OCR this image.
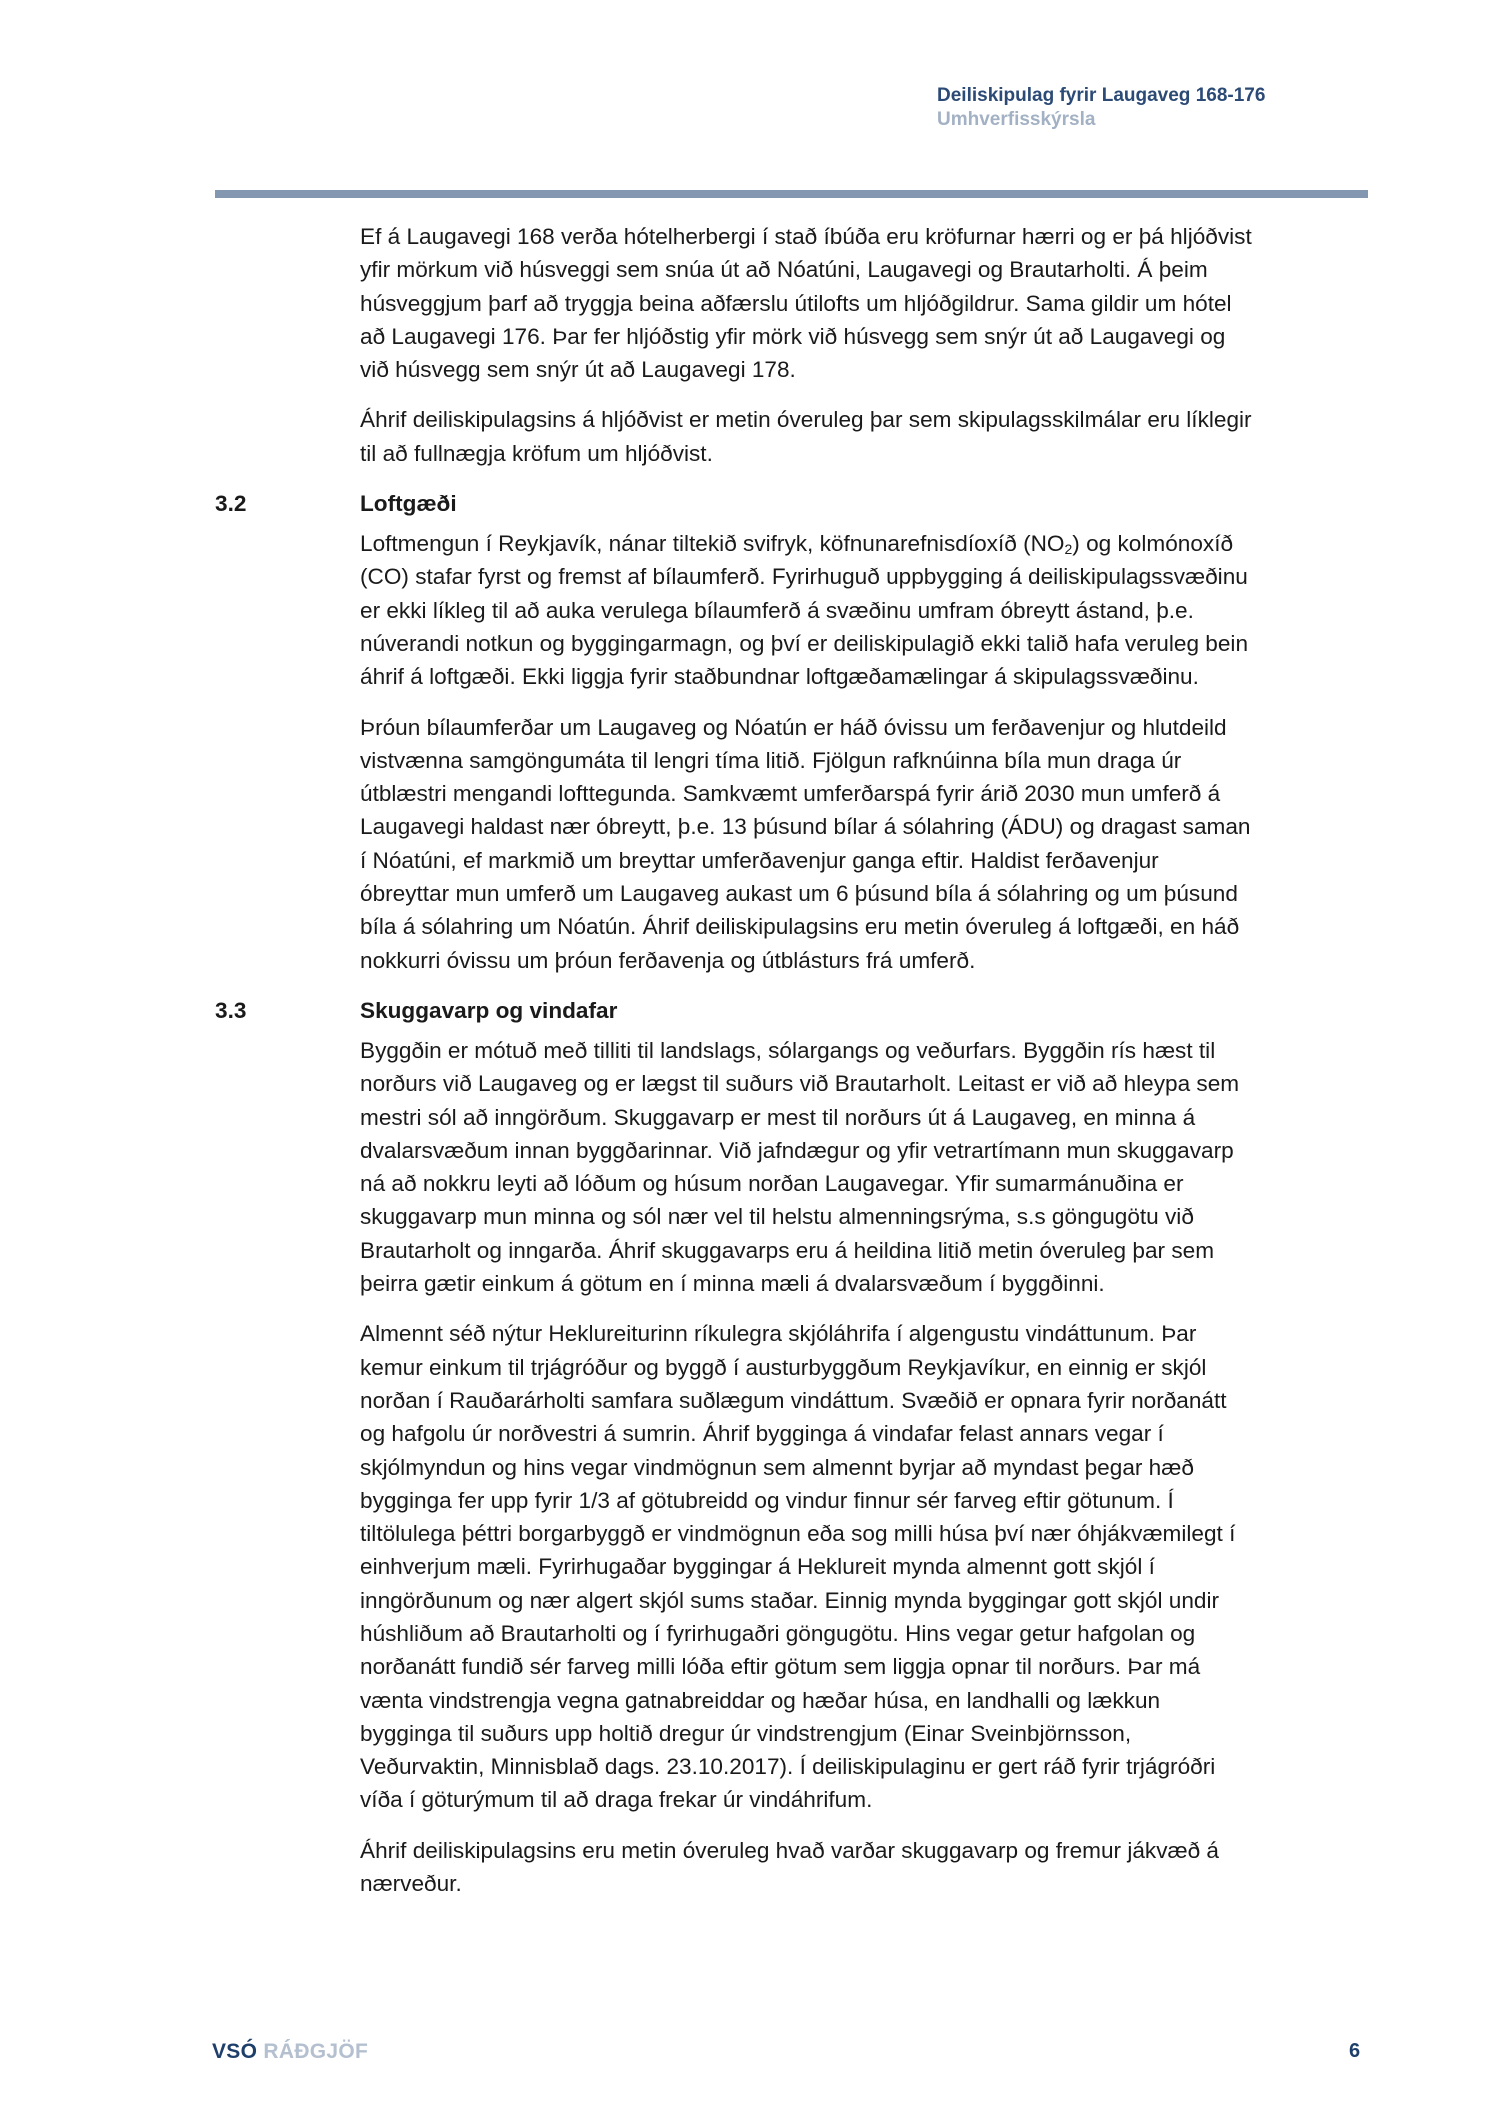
Deiliskipulag fyrir Laugaveg 168-176
Umhverfisskýrsla
Ef á Laugavegi 168 verða hótelherbergi í stað íbúða eru kröfurnar hærri og er þá hljóðvist
yfir mörkum við húsveggi sem snúa út að Nóatúni, Laugavegi og Brautarholti. Á þeim
húsveggjum þarf að tryggja beina aðfærslu útilofts um hljóðgildrur. Sama gildir um hótel
að Laugavegi 176. Þar fer hljóðstig yfir mörk við húsvegg sem snýr út að Laugavegi og
við húsvegg sem snýr út að Laugavegi 178.
Áhrif deiliskipulagsins á hljóðvist er metin óveruleg þar sem skipulagsskilmálar eru líklegir
til að fullnægja kröfum um hljóðvist.
3.2	Loftgæði
Loftmengun í Reykjavík, nánar tiltekið svifryk, köfnunarefnisdíoxíð $(NO_2)$ og kolmónoxíð
(CO) stafar fyrst og fremst af bílaumferð. Fyrirhuguð uppbygging á deiliskipulagssvæðinu
er ekki líkleg til að auka verulega bílaumferð á svæðinu umfram óbreytt ástand, þ.e.
núverandi notkun og byggingarmagn, og því er deiliskipulagið ekki talið hafa veruleg bein
áhrif á loftgæði. Ekki liggja fyrir staðbundnar loftgæðamælingar á skipulagssvæðinu.
Þróun bílaumferðar um Laugaveg og Nóatún er háð óvissu um ferðavenjur og hlutdeild
vistvænna samgöngumáta til lengri tíma litið. Fjölgun rafknúinna bíla mun draga úr
útblæstri mengandi lofttegunda. Samkvæmt umferðarspá fyrir árið 2030 mun umferð á
Laugavegi haldast nær óbreytt, þ.e. 13 þúsund bílar á sólahring (ÁDU) og dragast saman
í Nóatúni, ef markmið um breyttar umferðavenjur ganga eftir. Haldist ferðavenjur
óbreyttar mun umferð um Laugaveg aukast um 6 þúsund bíla á sólahring og um þúsund
bíla á sólahring um Nóatún. Áhrif deiliskipulagsins eru metin óveruleg á loftgæði, en háð
nokkurri óvissu um þróun ferðavenja og útblásturs frá umferð.
3.3	Skuggavarp og vindafar
Byggðin er mótuð með tilliti til landslags, sólargangs og veðurfars. Byggðin rís hæst til
norðurs við Laugaveg og er lægst til suðurs við Brautarholt. Leitast er við að hleypa sem
mestri sól að inngörðum. Skuggavarp er mest til norðurs út á Laugaveg, en minna á
dvalarsvæðum innan byggðarinnar. Við jafndægur og yfir vetrartímann mun skuggavarp
ná að nokkru leyti að lóðum og húsum norðan Laugavegar. Yfir sumarmánuðina er
skuggavarp mun minna og sól nær vel til helstu almenningsrýma, s.s göngugötu við
Brautarholt og inngarða. Áhrif skuggavarps eru á heildina litið metin óveruleg þar sem
þeirra gætir einkum á götum en í minna mæli á dvalarsvæðum í byggðinni.
Almennt séð nýtur Heklureiturinn ríkulegra skjóláhrifa í algengustu vindáttunum. Þar
kemur einkum til trjágróður og byggð í austurbyggðum Reykjavíkur, en einnig er skjól
norðan í Rauðarárholti samfara suðlægum vindáttum. Svæðið er opnara fyrir norðanátt
og hafgolu úr norðvestri á sumrin. Áhrif bygginga á vindafar felast annars vegar í
skjólmyndun og hins vegar vindmögnun sem almennt byrjar að myndast þegar hæð
bygginga fer upp fyrir 1/3 af götubreidd og vindur finnur sér farveg eftir götunum. Í
tiltölulega þéttri borgarbyggð er vindmögnun eða sog milli húsa því nær óhjákvæmilegt í
einhverjum mæli. Fyrirhugaðar byggingar á Heklureit mynda almennt gott skjól í
inngörðunum og nær algert skjól sums staðar. Einnig mynda byggingar gott skjól undir
húshliðum að Brautarholti og í fyrirhugaðri göngugötu. Hins vegar getur hafgolan og
norðanátt fundið sér farveg milli lóða eftir götum sem liggja opnar til norðurs. Þar má
vænta vindstrengja vegna gatnabreiddar og hæðar húsa, en landhalli og lækkun
bygginga til suðurs upp holtið dregur úr vindstrengjum (Einar Sveinbjörnsson,
Veðurvaktin, Minnisblað dags. 23.10.2017). Í deiliskipulaginu er gert ráð fyrir trjágróðri
víða í göturýmum til að draga frekar úr vindáhrifum.
Áhrif deiliskipulagsins eru metin óveruleg hvað varðar skuggavarp og fremur jákvæð á
nærveður.
VSÓ RÁÐGJÖF	6
